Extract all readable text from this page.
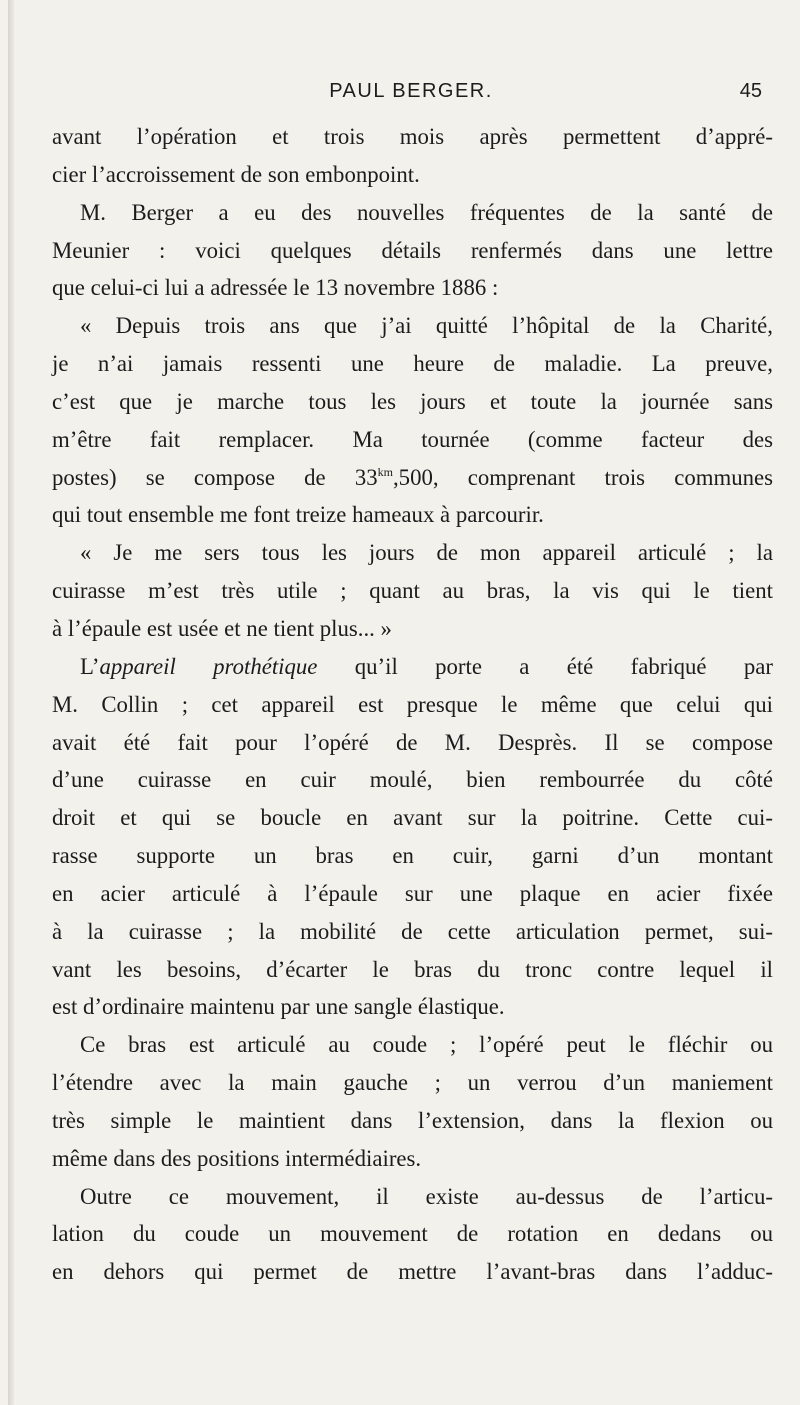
PAUL BERGER.	45
avant l’opération et trois mois après permettent d’appré-
cier l’accroissement de son embonpoint.
M. Berger a eu des nouvelles fréquentes de la santé de
Meunier : voici quelques détails renfermés dans une lettre
que celui-ci lui a adressée le 13 novembre 1886 :
« Depuis trois ans que j’ai quitté l’hôpital de la Charité,
je n’ai jamais ressenti une heure de maladie. La preuve,
c’est que je marche tous les jours et toute la journée sans
m’être fait remplacer. Ma tournée (comme facteur des
postes) se compose de $33^{km},500$, comprenant trois communes
qui tout ensemble me font treize hameaux à parcourir.
« Je me sers tous les jours de mon appareil articulé ; la
cuirasse m’est très utile ; quant au bras, la vis qui le tient
à l’épaule est usée et ne tient plus... »
L’appareil prothétique qu’il porte a été fabriqué par
M. Collin ; cet appareil est presque le même que celui qui
avait été fait pour l’opéré de M. Desprès. Il se compose
d’une cuirasse en cuir moulé, bien rembourrée du côté
droit et qui se boucle en avant sur la poitrine. Cette cui-
rasse supporte un bras en cuir, garni d’un montant
en acier articulé à l’épaule sur une plaque en acier fixée
à la cuirasse ; la mobilité de cette articulation permet, sui-
vant les besoins, d’écarter le bras du tronc contre lequel il
est d’ordinaire maintenu par une sangle élastique.
Ce bras est articulé au coude ; l’opéré peut le fléchir ou
l’étendre avec la main gauche ; un verrou d’un maniement
très simple le maintient dans l’extension, dans la flexion ou
même dans des positions intermédiaires.
Outre ce mouvement, il existe au-dessus de l’articu-
lation du coude un mouvement de rotation en dedans ou
en dehors qui permet de mettre l’avant-bras dans l’adduc-
